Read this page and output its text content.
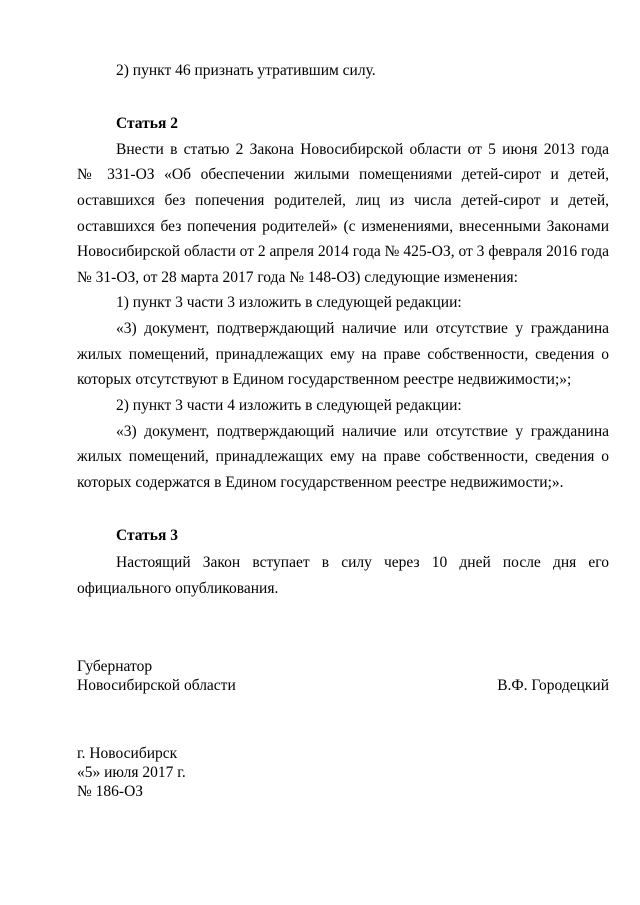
2) пункт 46 признать утратившим силу.
Статья 2
Внести в статью 2 Закона Новосибирской области от 5 июня 2013 года
№ 331-ОЗ «Об обеспечении жилыми помещениями детей-сирот и детей,
оставшихся без попечения родителей, лиц из числа детей-сирот и детей,
оставшихся без попечения родителей» (с изменениями, внесенными Законами
Новосибирской области от 2 апреля 2014 года № 425-ОЗ, от 3 февраля 2016 года
№ 31-ОЗ, от 28 марта 2017 года № 148-ОЗ) следующие изменения:
1) пункт 3 части 3 изложить в следующей редакции:
«3) документ, подтверждающий наличие или отсутствие у гражданина
жилых помещений, принадлежащих ему на праве собственности, сведения о
которых отсутствуют в Едином государственном реестре недвижимости;»;
2) пункт 3 части 4 изложить в следующей редакции:
«3) документ, подтверждающий наличие или отсутствие у гражданина
жилых помещений, принадлежащих ему на праве собственности, сведения о
которых содержатся в Едином государственном реестре недвижимости;».
Статья 3
Настоящий Закон вступает в силу через 10 дней после дня его
официального опубликования.
Губернатор
Новосибирской области	В.Ф. Городецкий
г. Новосибирск
«5» июля 2017 г.
№ 186-ОЗ
